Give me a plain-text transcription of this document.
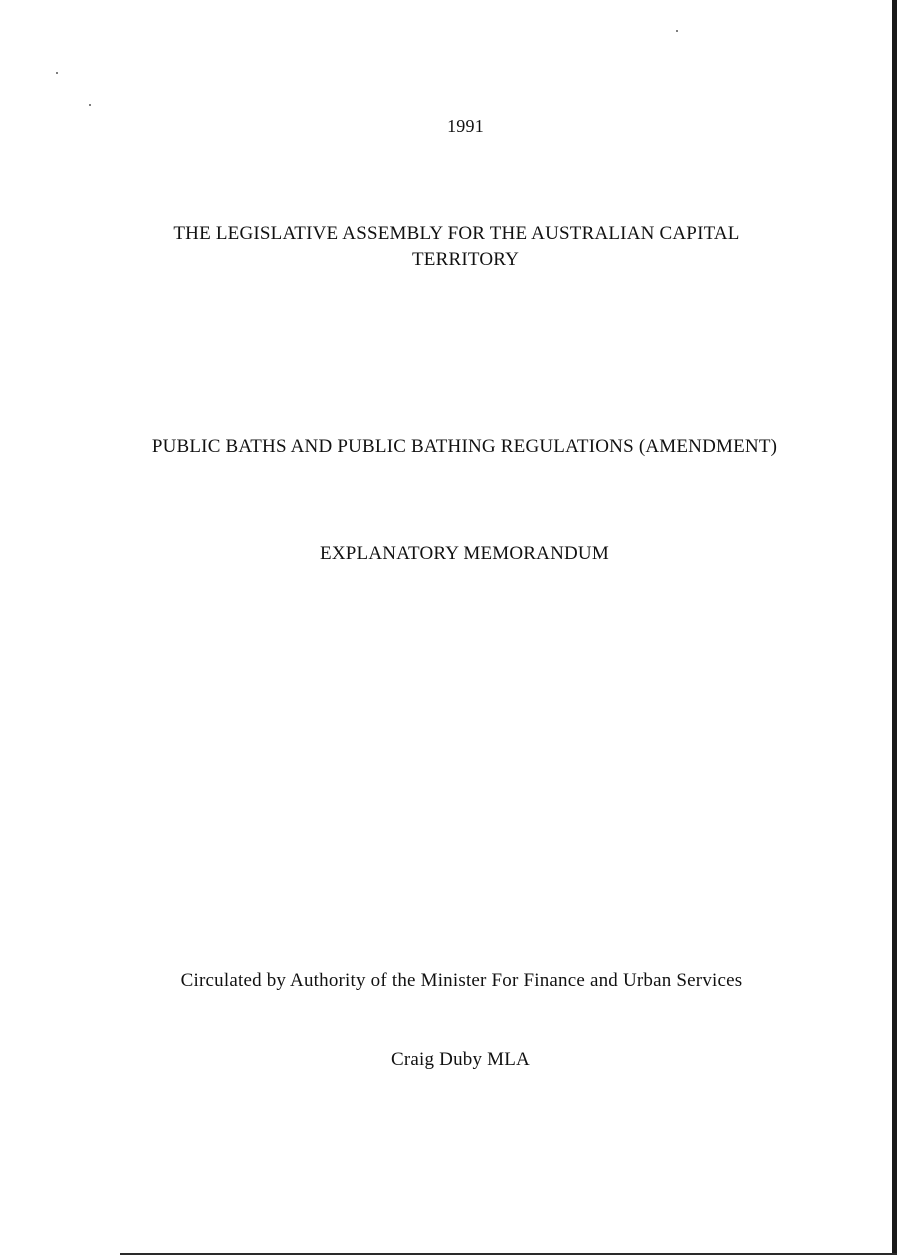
1991
THE LEGISLATIVE ASSEMBLY FOR THE AUSTRALIAN CAPITAL
TERRITORY
PUBLIC BATHS AND PUBLIC BATHING REGULATIONS (AMENDMENT)
EXPLANATORY MEMORANDUM
Circulated by Authority of the Minister For Finance and Urban Services
Craig Duby MLA
